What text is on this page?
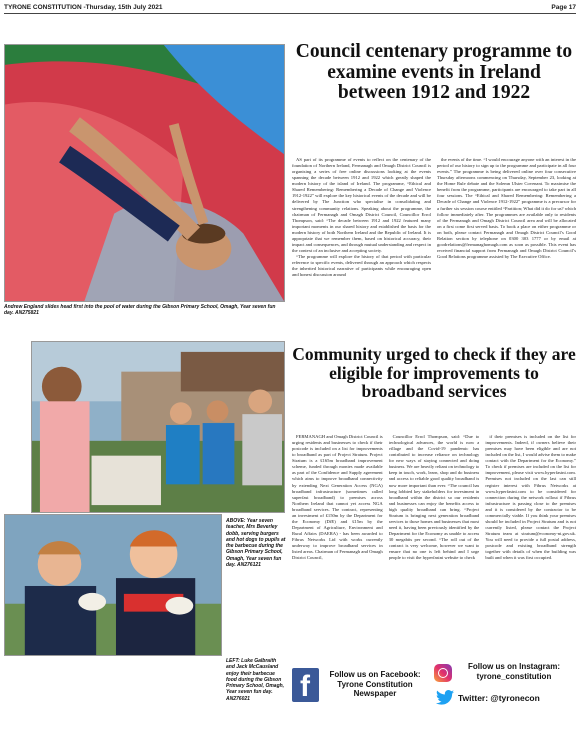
TYRONE CONSTITUTION -Thursday, 15th July 2021	Page 17
Andrew England slides head first into the pool of water during the Gibson Primary School, Omagh, Year seven fun day. AN275821
Council centenary programme to examine events in Ireland between 1912 and 1922

AS part of its programme of events to reflect on the centenary of the foundation of Northern Ireland, Fermanagh and Omagh District Council is organising a series of free online discussions looking at the events spanning the decade between 1912 and 1922 which greatly shaped the modern history of the island of Ireland. The programme, “Ethical and Shared Remembering: Remembering a Decade of Change and Violence 1912-1922” will explore the key historical events of the decade and will be delivered by The Junction who specialise in consolidating and strengthening community relations. Speaking about the programme, the chairman of Fermanagh and Omagh District Council, Councillor Errol Thompson, said: “The decade between 1912 and 1922 featured many important moments in our shared history and established the basis for the modern history of both Northern Ireland and the Republic of Ireland. It is appropriate that we remember them, based on historical accuracy, their impact and consequences, and through mutual understanding and respect in the context of an inclusive and accepting society.

“The programme will explore the history of that period with particular reference to specific events, delivered through an approach which respects the inherited historical narrative of participants while encouraging open and honest discussion around

the events of the time. “I would encourage anyone with an interest in the period of our history to sign up to the programme and participate in all four events.” The programme is being delivered online over four consecutive Thursday afternoons commencing on Thursday, September 23, looking at the Home Rule debate and the Solemn Ulster Covenant. To maximise the benefit from the programme, participants are encouraged to take part in all four sessions. The “Ethical and Shared Remembering: Remembering a Decade of Change and Violence 1912-1922” programme is a precursor for a further six session course entitled “Partition; What did it do for us? which follow immediately after. The programmes are available only to residents of the Fermanagh and Omagh District Council area and will be allocated on a first come first served basis. To book a place on either programme or on both, please contact Fermanagh and Omagh District Council’s Good Relation section by telephone on 0300 303 1777 or by email at goodrelations@fermanaghomagh.com as soon as possible. This event has received financial support from Fermanagh and Omagh District Council’s Good Relations programme assisted by The Executive Office.

ABOVE: Year seven teacher, Mrs Beverley dobb, serving burgers and hot dogs to pupils at the barbecue during the Gibson Primary School, Omagh, Year seven fun day. AN276121
LEFT: Luke Galbraith and Jack McCausland enjoy their barbecue food during the Gibson Primary School, Omagh, Year seven fun day. AN276021
Community urged to check if they are eligible for improvements to broadband services

FERMANAGH and Omagh District Council is urging residents and businesses to check if their postcode is included on a list for improvements to broadband as part of Project Stratum. Project Stratum is a £165m broadband improvement scheme, funded through monies made available as part of the Confidence and Supply agreement which aims to improve broadband connectivity by extending Next Generation Access (NGA) broadband infrastructure (sometimes called superfast broadband) to premises across Northern Ireland that cannot yet access NGA broadband services. The contract, representing an investment of £150m by the Department for the Economy (DfE) and £15m by the Department of Agriculture, Environment and Rural Affairs (DAERA) - has been awarded to Fibrus Networks Ltd with works currently underway to improve broadband services in listed areas. Chairman of Fermanagh and Omagh District Council,

Councillor Errol Thompson, said: “Due to technological advances, the world is now a village and the Covid-19 pandemic has contributed to increase reliance on technology for new ways of staying connected and doing business. We are heavily reliant on technology to keep in touch, work, learn, shop and do business and access to reliable good quality broadband is now more important than ever. “The council has long lobbied key stakeholders for investment in broadband within the district so our residents and businesses can enjoy the benefits access to high quality broadband can bring. “Project Stratum is bringing next generation broadband services to those homes and businesses that most need it, having been previously identified by the Department for the Economy as unable to access 30 megabits per second. “The roll out of the contract is very welcome, however we want to ensure that no one is left behind and I urge people to visit the hyperfastni website to check

if their premises is included on the list for improvements. Indeed, if owners believe their premises may have been eligible and are not included on the list, I would advise them to make contact with the Department for the Economy.” To check if premises are included on the list for improvement, please visit www.hyperfastni.com. Premises not included on the last can still register interest with Fibrus Networks at www.hyperfastni.com to be considered for connection during the network rollout if Fibrus infrastructure is passing close to the premises and it is considered by the contractor to be commercially viable. If you think your premises should be included in Project Stratum and is not currently listed, please contact the Project Stratum team at stratum@economy-ni.gov.uk. You will need to provide a full postal address, postcode and existing broadband strength together with details of when the building was built and when it was first occupied.

f
Follow us on Facebook: Tyrone Constitution Newspaper
Follow us on Instagram: tyrone_constitution
Twitter: @tyronecon
